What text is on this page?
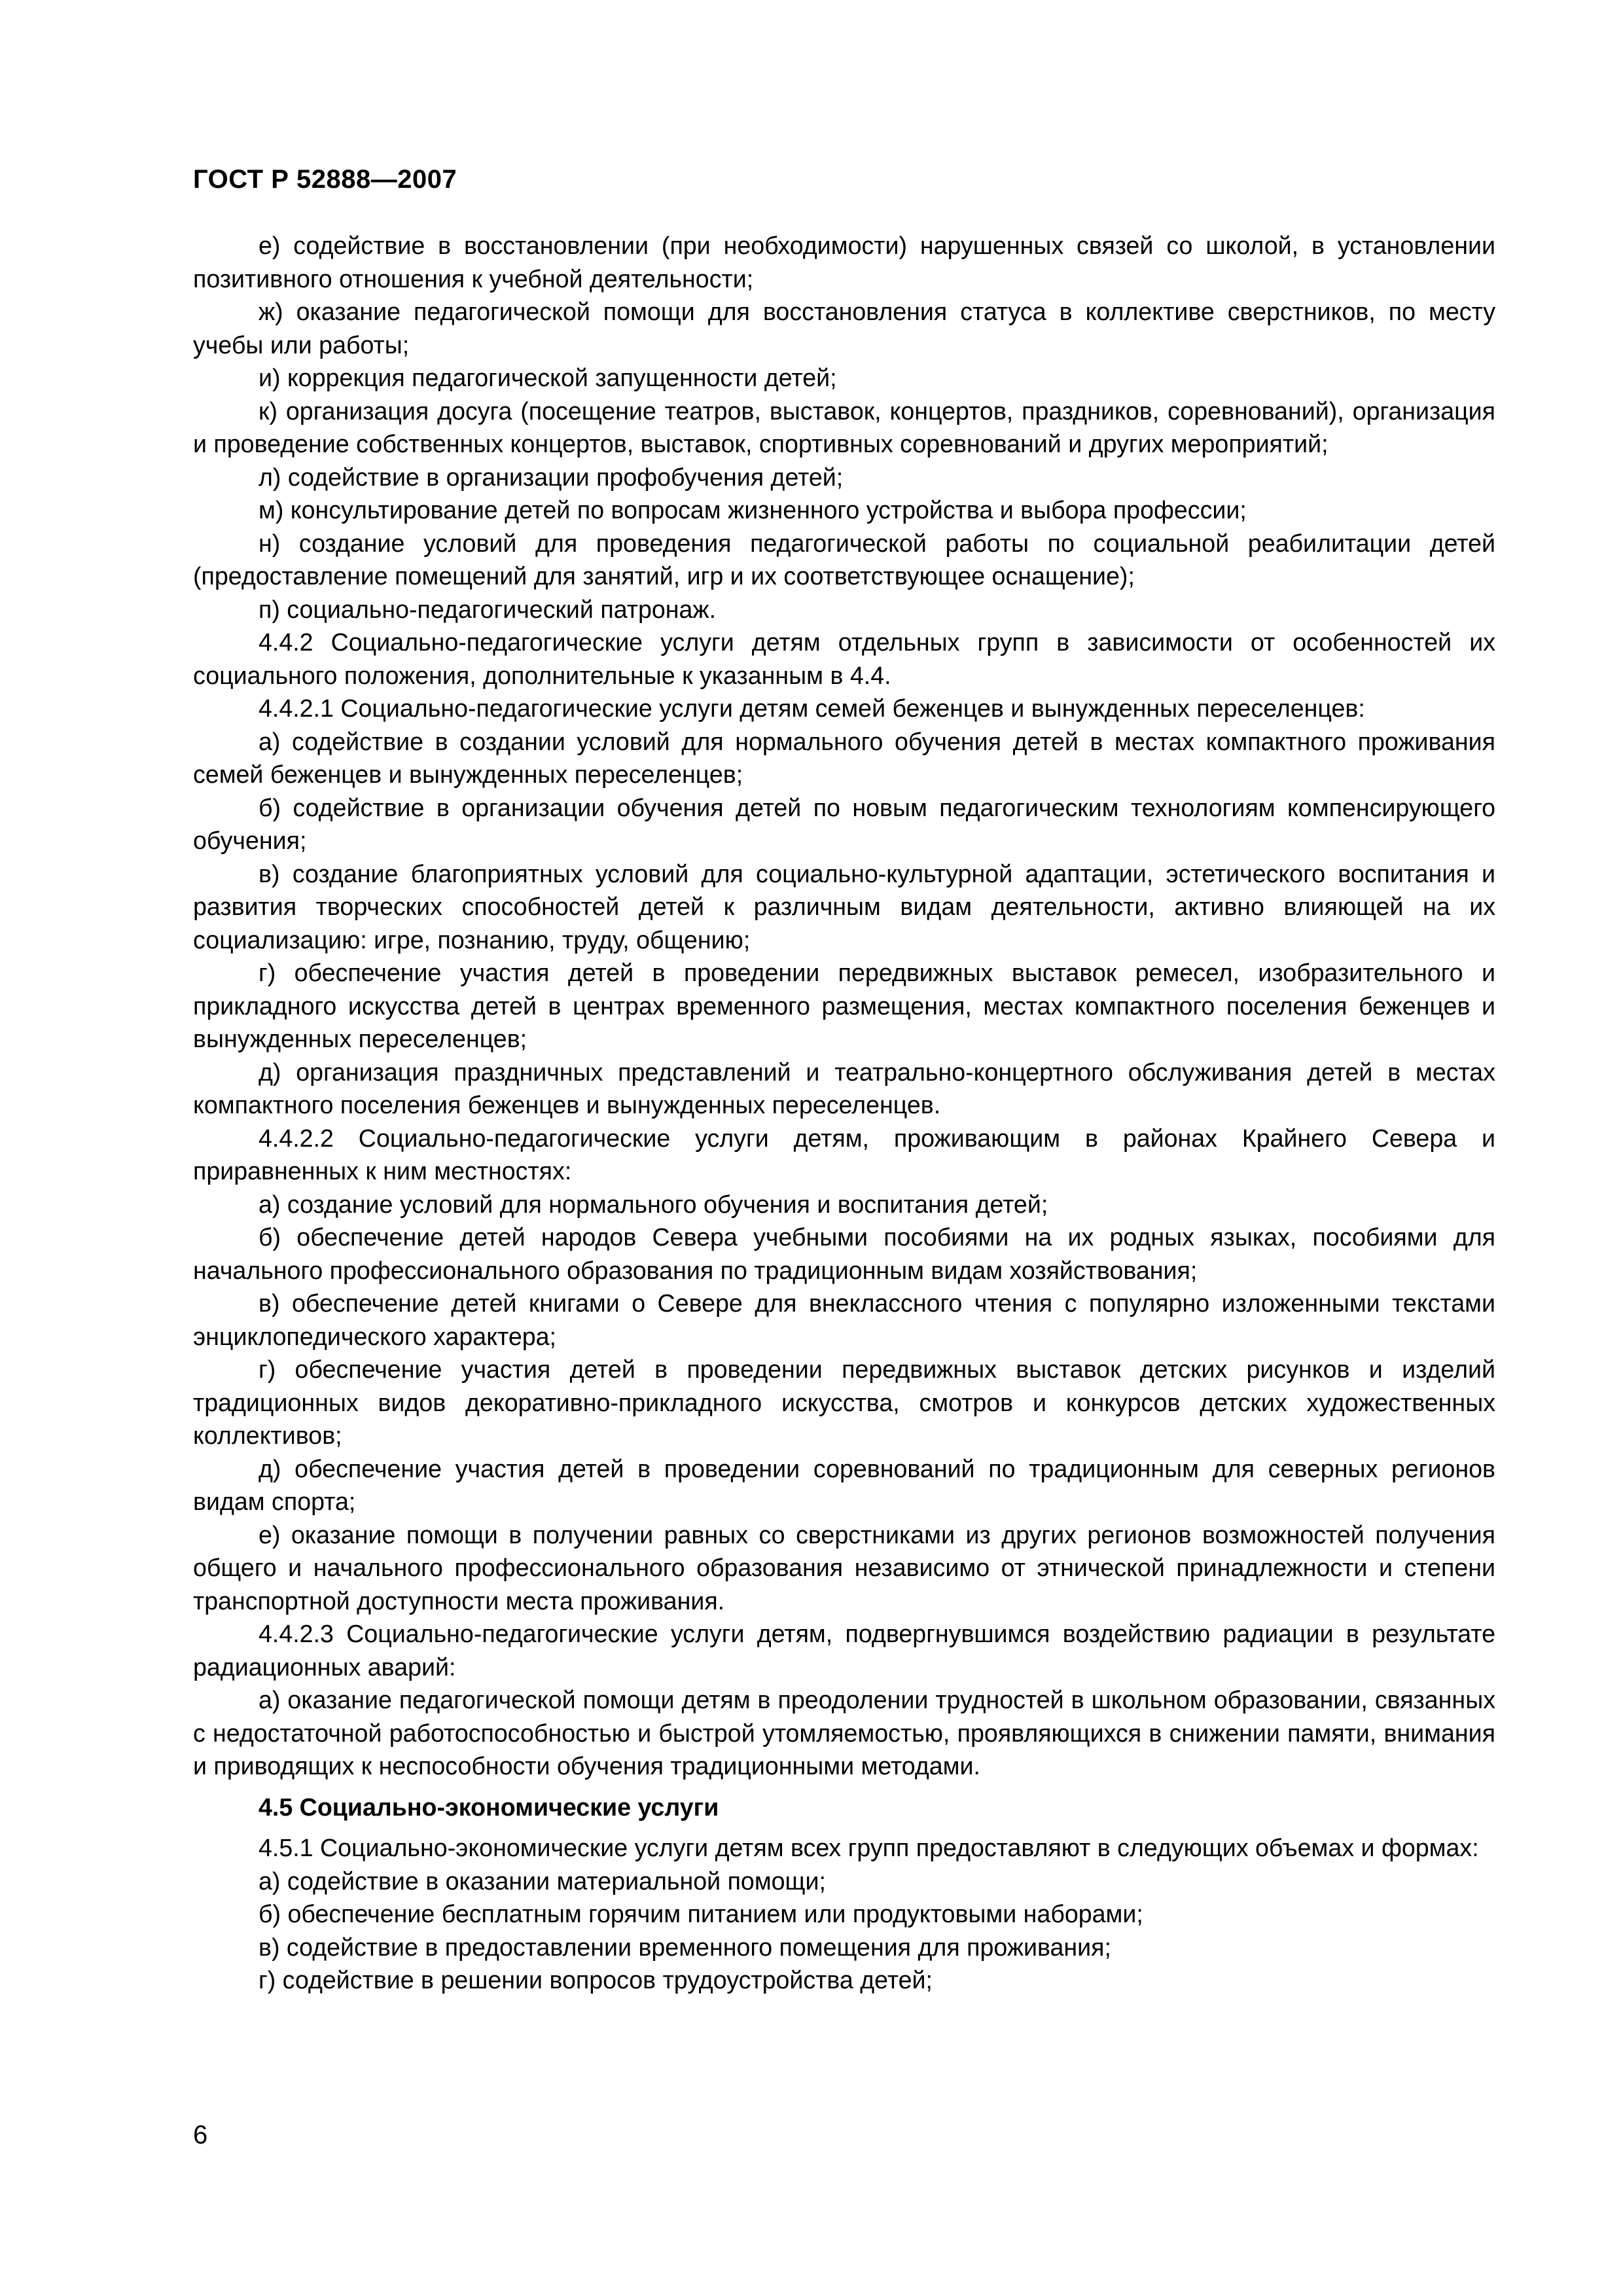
ГОСТ Р 52888—2007

е) содействие в восстановлении (при необходимости) нарушенных связей со школой, в установлении позитивного отношения к учебной деятельности;

ж) оказание педагогической помощи для восстановления статуса в коллективе сверстников, по месту учебы или работы;

и) коррекция педагогической запущенности детей;

к) организация досуга (посещение театров, выставок, концертов, праздников, соревнований), организация и проведение собственных концертов, выставок, спортивных соревнований и других мероприятий;

л) содействие в организации профобучения детей;

м) консультирование детей по вопросам жизненного устройства и выбора профессии;

н) создание условий для проведения педагогической работы по социальной реабилитации детей (предоставление помещений для занятий, игр и их соответствующее оснащение);

п) социально-педагогический патронаж.

4.4.2 Социально-педагогические услуги детям отдельных групп в зависимости от особенностей их социального положения, дополнительные к указанным в 4.4.

4.4.2.1 Социально-педагогические услуги детям семей беженцев и вынужденных переселенцев:

а) содействие в создании условий для нормального обучения детей в местах компактного проживания семей беженцев и вынужденных переселенцев;

б) содействие в организации обучения детей по новым педагогическим технологиям компенсирующего обучения;

в) создание благоприятных условий для социально-культурной адаптации, эстетического воспитания и развития творческих способностей детей к различным видам деятельности, активно влияющей на их социализацию: игре, познанию, труду, общению;

г) обеспечение участия детей в проведении передвижных выставок ремесел, изобразительного и прикладного искусства детей в центрах временного размещения, местах компактного поселения беженцев и вынужденных переселенцев;

д) организация праздничных представлений и театрально-концертного обслуживания детей в местах компактного поселения беженцев и вынужденных переселенцев.

4.4.2.2 Социально-педагогические услуги детям, проживающим в районах Крайнего Севера и приравненных к ним местностях:

а) создание условий для нормального обучения и воспитания детей;

б) обеспечение детей народов Севера учебными пособиями на их родных языках, пособиями для начального профессионального образования по традиционным видам хозяйствования;

в) обеспечение детей книгами о Севере для внеклассного чтения с популярно изложенными текстами энциклопедического характера;

г) обеспечение участия детей в проведении передвижных выставок детских рисунков и изделий традиционных видов декоративно-прикладного искусства, смотров и конкурсов детских художественных коллективов;

д) обеспечение участия детей в проведении соревнований по традиционным для северных регионов видам спорта;

е) оказание помощи в получении равных со сверстниками из других регионов возможностей получения общего и начального профессионального образования независимо от этнической принадлежности и степени транспортной доступности места проживания.

4.4.2.3 Социально-педагогические услуги детям, подвергнувшимся воздействию радиации в результате радиационных аварий:

а) оказание педагогической помощи детям в преодолении трудностей в школьном образовании, связанных с недостаточной работоспособностью и быстрой утомляемостью, проявляющихся в снижении памяти, внимания и приводящих к неспособности обучения традиционными методами.

4.5 Социально-экономические услуги

4.5.1 Социально-экономические услуги детям всех групп предоставляют в следующих объемах и формах:

а) содействие в оказании материальной помощи;

б) обеспечение бесплатным горячим питанием или продуктовыми наборами;

в) содействие в предоставлении временного помещения для проживания;

г) содействие в решении вопросов трудоустройства детей;

6
